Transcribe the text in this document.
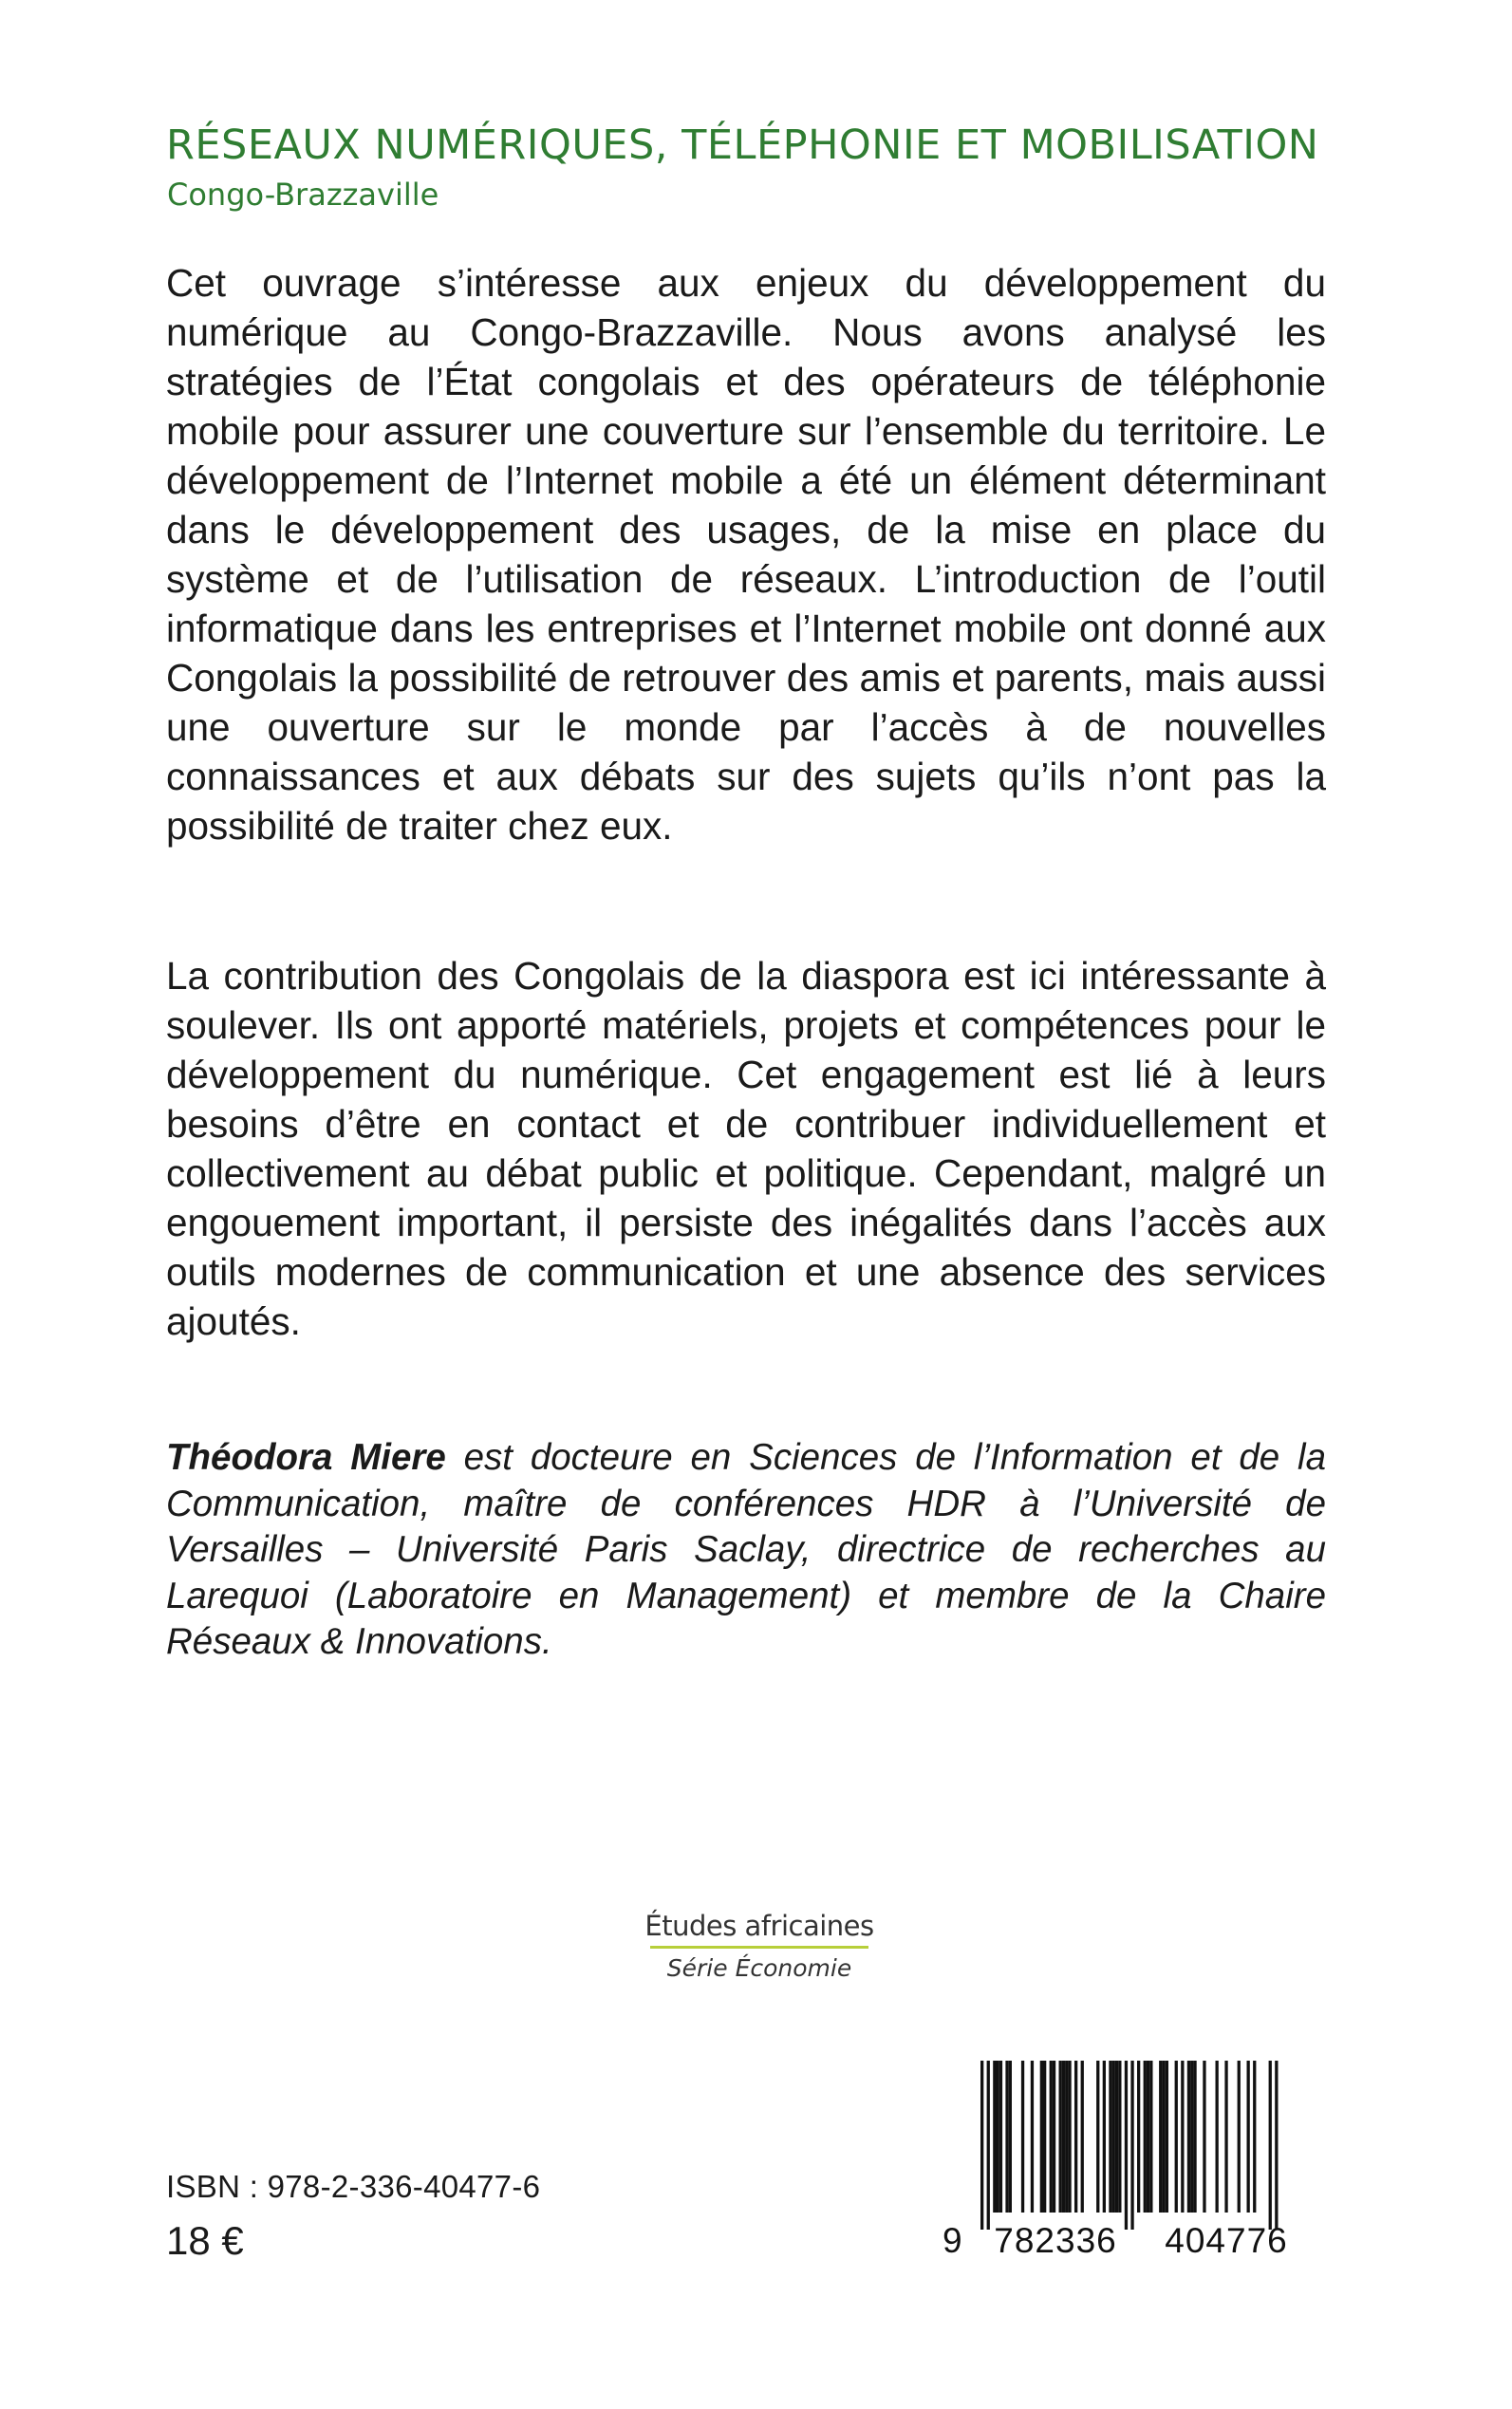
RÉSEAUX NUMÉRIQUES, TÉLÉPHONIE ET MOBILISATION
Congo-Brazzaville

Cet ouvrage s’intéresse aux enjeux du développement du numérique au Congo-Brazzaville. Nous avons analysé les stratégies de l’État congolais et des opérateurs de téléphonie mobile pour assurer une couverture sur l’ensemble du territoire. Le développement de l’Internet mobile a été un élément déterminant dans le développement des usages, de la mise en place du système et de l’utilisation de réseaux. L’introduction de l’outil informatique dans les entreprises et l’Internet mobile ont donné aux Congolais la possibilité de retrouver des amis et parents, mais aussi une ouverture sur le monde par l’accès à de nouvelles connaissances et aux débats sur des sujets qu’ils n’ont pas la possibilité de traiter chez eux.

La contribution des Congolais de la diaspora est ici intéressante à soulever. Ils ont apporté matériels, projets et compétences pour le développement du numérique. Cet engagement est lié à leurs besoins d’être en contact et de contribuer individuellement et collectivement au débat public et politique. Cependant, malgré un engouement important, il persiste des inégalités dans l’accès aux outils modernes de communication et une absence des services ajoutés.

Théodora Miere est docteure en Sciences de l’Information et de la Communication, maître de conférences HDR à l’Université de Versailles – Université Paris Saclay, directrice de recherches au Larequoi (Laboratoire en Management) et membre de la Chaire Réseaux & Innovations.

Études africaines
Série Économie
ISBN : 978-2-336-40477-6
18 €	9 782336	404776
